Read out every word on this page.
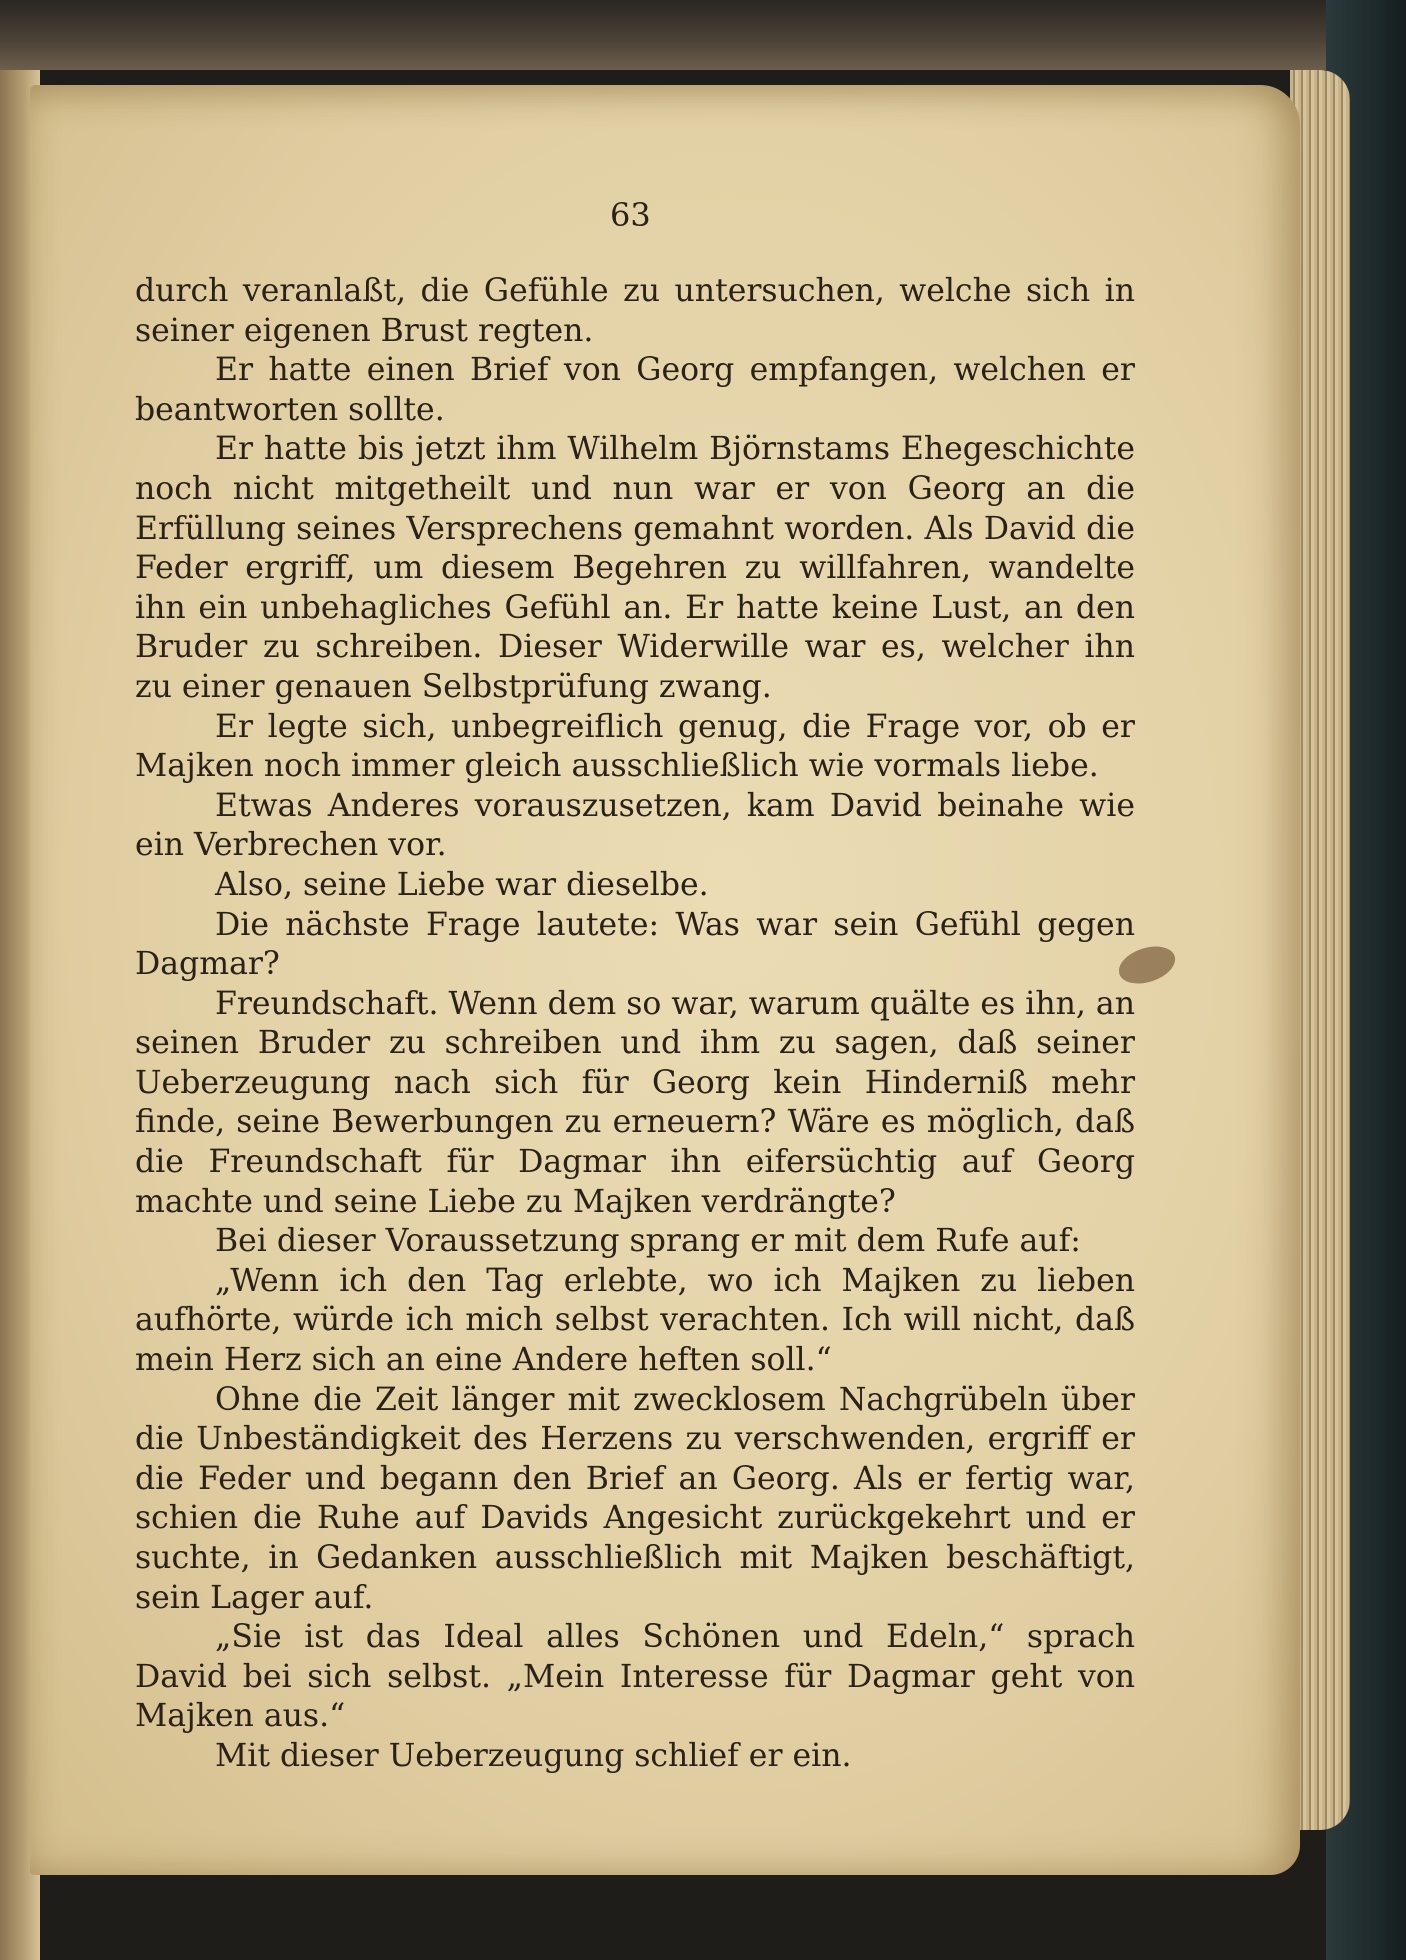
63

durch veranlaßt, die Gefühle zu untersuchen, welche sich in seiner eigenen Brust regten.

Er hatte einen Brief von Georg empfangen, welchen er beantworten sollte.

Er hatte bis jetzt ihm Wilhelm Björnstams Ehegeschichte noch nicht mitgetheilt und nun war er von Georg an die Erfüllung seines Versprechens gemahnt worden. Als David die Feder ergriff, um diesem Begehren zu willfahren, wandelte ihn ein unbehagliches Gefühl an. Er hatte keine Lust, an den Bruder zu schreiben. Dieser Widerwille war es, welcher ihn zu einer genauen Selbstprüfung zwang.

Er legte sich, unbegreiflich genug, die Frage vor, ob er Majken noch immer gleich ausschließlich wie vormals liebe.

Etwas Anderes vorauszusetzen, kam David beinahe wie ein Verbrechen vor.

Also, seine Liebe war dieselbe.

Die nächste Frage lautete: Was war sein Gefühl gegen Dagmar?

Freundschaft. Wenn dem so war, warum quälte es ihn, an seinen Bruder zu schreiben und ihm zu sagen, daß seiner Ueberzeugung nach sich für Georg kein Hinderniß mehr finde, seine Bewerbungen zu erneuern? Wäre es möglich, daß die Freundschaft für Dagmar ihn eifersüchtig auf Georg machte und seine Liebe zu Majken verdrängte?

Bei dieser Voraussetzung sprang er mit dem Rufe auf:

„Wenn ich den Tag erlebte, wo ich Majken zu lieben aufhörte, würde ich mich selbst verachten. Ich will nicht, daß mein Herz sich an eine Andere heften soll.“

Ohne die Zeit länger mit zwecklosem Nachgrübeln über die Unbeständigkeit des Herzens zu verschwenden, ergriff er die Feder und begann den Brief an Georg. Als er fertig war, schien die Ruhe auf Davids Angesicht zurückgekehrt und er suchte, in Gedanken ausschließlich mit Majken beschäftigt, sein Lager auf.

„Sie ist das Ideal alles Schönen und Edeln,“ sprach David bei sich selbst. „Mein Interesse für Dagmar geht von Majken aus.“

Mit dieser Ueberzeugung schlief er ein.
